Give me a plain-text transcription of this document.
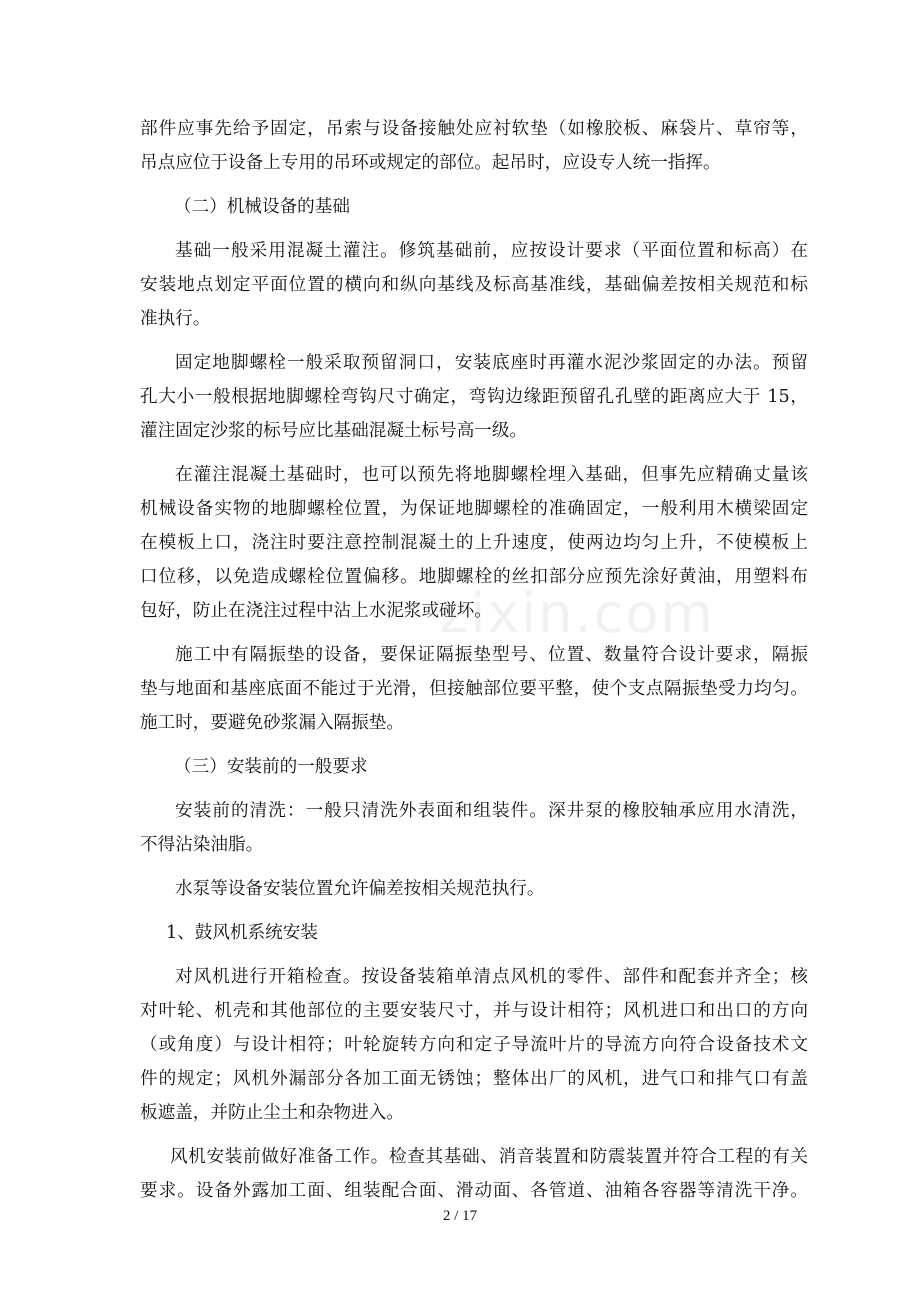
zixin.com
部件应事先给予固定，吊索与设备接触处应衬软垫（如橡胶板、麻袋片、草帘等，
吊点应位于设备上专用的吊环或规定的部位。起吊时，应设专人统一指挥。
（二）机械设备的基础
基础一般采用混凝土灌注。修筑基础前，应按设计要求（平面位置和标高）在
安装地点划定平面位置的横向和纵向基线及标高基准线，基础偏差按相关规范和标
准执行。
固定地脚螺栓一般采取预留洞口，安装底座时再灌水泥沙浆固定的办法。预留
孔大小一般根据地脚螺栓弯钩尺寸确定，弯钩边缘距预留孔孔壁的距离应大于 15，
灌注固定沙浆的标号应比基础混凝土标号高一级。
在灌注混凝土基础时，也可以预先将地脚螺栓埋入基础，但事先应精确丈量该
机械设备实物的地脚螺栓位置，为保证地脚螺栓的准确固定，一般利用木横梁固定
在模板上口，浇注时要注意控制混凝土的上升速度，使两边均匀上升，不使模板上
口位移，以免造成螺栓位置偏移。地脚螺栓的丝扣部分应预先涂好黄油，用塑料布
包好，防止在浇注过程中沾上水泥浆或碰坏。
施工中有隔振垫的设备，要保证隔振垫型号、位置、数量符合设计要求，隔振
垫与地面和基座底面不能过于光滑，但接触部位要平整，使个支点隔振垫受力均匀。
施工时，要避免砂浆漏入隔振垫。
（三）安装前的一般要求
安装前的清洗：一般只清洗外表面和组装件。深井泵的橡胶轴承应用水清洗，
不得沾染油脂。
水泵等设备安装位置允许偏差按相关规范执行。
1、鼓风机系统安装
对风机进行开箱检查。按设备装箱单清点风机的零件、部件和配套并齐全；核
对叶轮、机壳和其他部位的主要安装尺寸，并与设计相符；风机进口和出口的方向
（或角度）与设计相符；叶轮旋转方向和定子导流叶片的导流方向符合设备技术文
件的规定；风机外漏部分各加工面无锈蚀；整体出厂的风机，进气口和排气口有盖
板遮盖，并防止尘土和杂物进入。
风机安装前做好准备工作。检查其基础、消音装置和防震装置并符合工程的有关
要求。设备外露加工面、组装配合面、滑动面、各管道、油箱各容器等清洗干净。
2 / 17
